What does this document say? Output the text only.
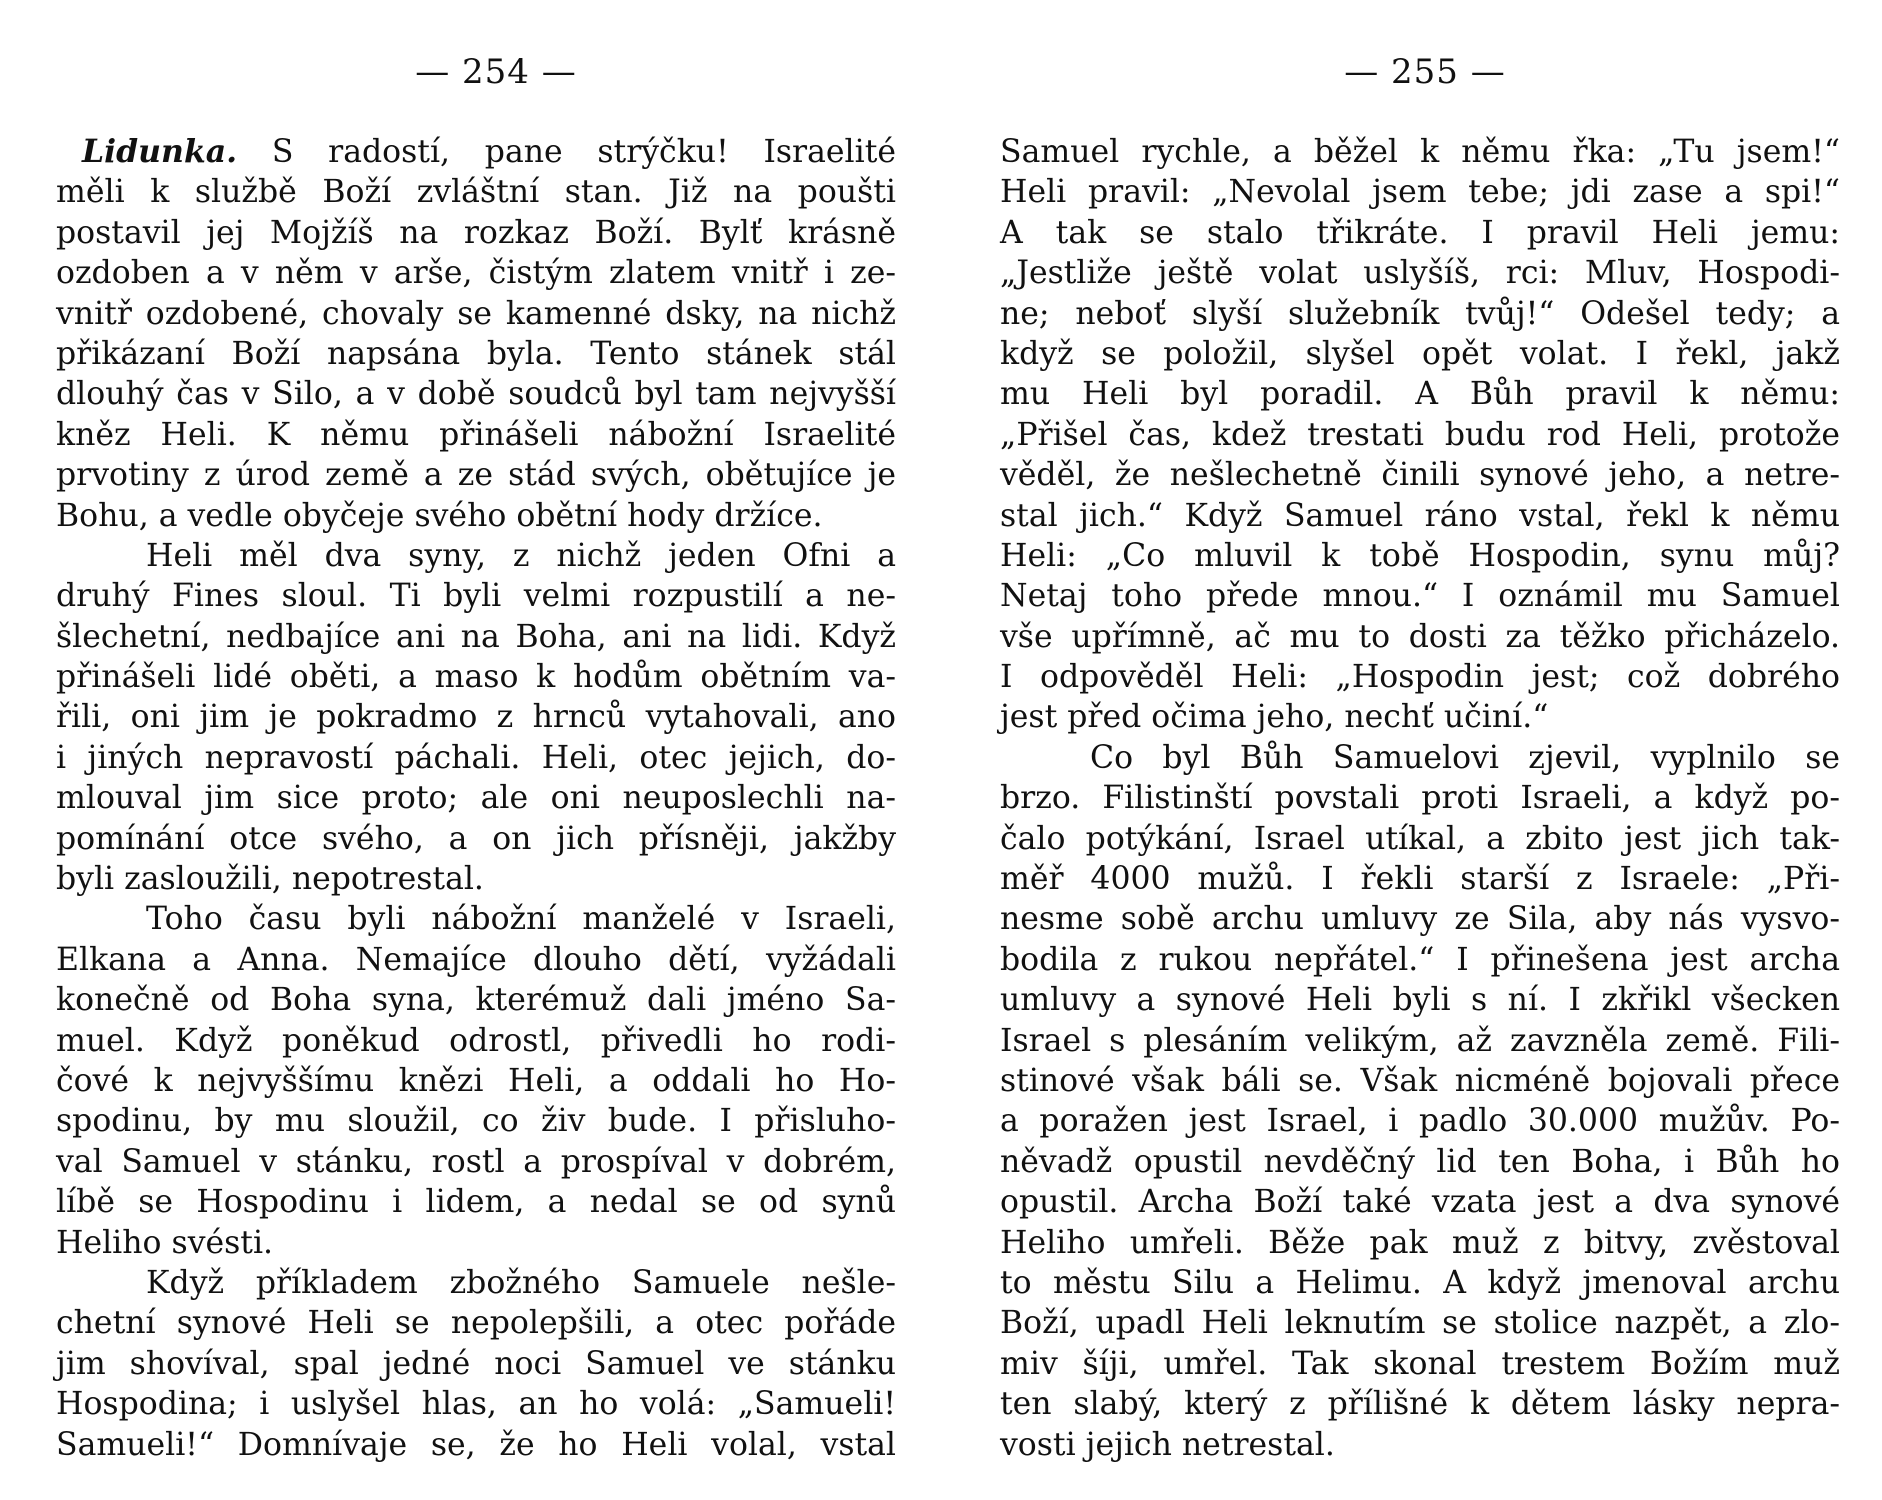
— 254 —
Lidunka. S radostí, pane strýčku! Israelité
měli k službě Boží zvláštní stan. Již na poušti
postavil jej Mojžíš na rozkaz Boží. Bylť krásně
ozdoben a v něm v arše, čistým zlatem vnitř i ze-
vnitř ozdobené, chovaly se kamenné dsky, na nichž
přikázaní Boží napsána byla. Tento stánek stál
dlouhý čas v Silo, a v době soudců byl tam nejvyšší
kněz Heli. K němu přinášeli nábožní Israelité
prvotiny z úrod země a ze stád svých, obětujíce je
Bohu, a vedle obyčeje svého obětní hody držíce.
Heli měl dva syny, z nichž jeden Ofni a
druhý Fines sloul. Ti byli velmi rozpustilí a ne-
šlechetní, nedbajíce ani na Boha, ani na lidi. Když
přinášeli lidé oběti, a maso k hodům obětním va-
řili, oni jim je pokradmo z hrnců vytahovali, ano
i jiných nepravostí páchali. Heli, otec jejich, do-
mlouval jim sice proto; ale oni neuposlechli na-
pomínání otce svého, a on jich přísněji, jakžby
byli zasloužili, nepotrestal.
Toho času byli nábožní manželé v Israeli,
Elkana a Anna. Nemajíce dlouho dětí, vyžádali
konečně od Boha syna, kterémuž dali jméno Sa-
muel. Když poněkud odrostl, přivedli ho rodi-
čové k nejvyššímu knězi Heli, a oddali ho Ho-
spodinu, by mu sloužil, co živ bude. I přisluho-
val Samuel v stánku, rostl a prospíval v dobrém,
líbě se Hospodinu i lidem, a nedal se od synů
Heliho svésti.
Když příkladem zbožného Samuele nešle-
chetní synové Heli se nepolepšili, a otec pořáde
jim shovíval, spal jedné noci Samuel ve stánku
Hospodina; i uslyšel hlas, an ho volá: „Samueli!
Samueli!“ Domnívaje se, že ho Heli volal, vstal
— 255 —
Samuel rychle, a běžel k němu řka: „Tu jsem!“
Heli pravil: „Nevolal jsem tebe; jdi zase a spi!“
A tak se stalo třikráte. I pravil Heli jemu:
„Jestliže ještě volat uslyšíš, rci: Mluv, Hospodi-
ne; neboť slyší služebník tvůj!“ Odešel tedy; a
když se položil, slyšel opět volat. I řekl, jakž
mu Heli byl poradil. A Bůh pravil k němu:
„Přišel čas, kdež trestati budu rod Heli, protože
věděl, že nešlechetně činili synové jeho, a netre-
stal jich.“ Když Samuel ráno vstal, řekl k němu
Heli: „Co mluvil k tobě Hospodin, synu můj?
Netaj toho přede mnou.“ I oznámil mu Samuel
vše upřímně, ač mu to dosti za těžko přicházelo.
I odpověděl Heli: „Hospodin jest; což dobrého
jest před očima jeho, nechť učiní.“
Co byl Bůh Samuelovi zjevil, vyplnilo se
brzo. Filistinští povstali proti Israeli, a když po-
čalo potýkání, Israel utíkal, a zbito jest jich tak-
měř 4000 mužů. I řekli starší z Israele: „Při-
nesme sobě archu umluvy ze Sila, aby nás vysvo-
bodila z rukou nepřátel.“ I přinešena jest archa
umluvy a synové Heli byli s ní. I zkřikl všecken
Israel s plesáním velikým, až zavzněla země. Fili-
stinové však báli se. Však nicméně bojovali přece
a poražen jest Israel, i padlo 30.000 mužův. Po-
něvadž opustil nevděčný lid ten Boha, i Bůh ho
opustil. Archa Boží také vzata jest a dva synové
Heliho umřeli. Běže pak muž z bitvy, zvěstoval
to městu Silu a Helimu. A když jmenoval archu
Boží, upadl Heli leknutím se stolice nazpět, a zlo-
miv šíji, umřel. Tak skonal trestem Božím muž
ten slabý, který z přílišné k dětem lásky nepra-
vosti jejich netrestal.
